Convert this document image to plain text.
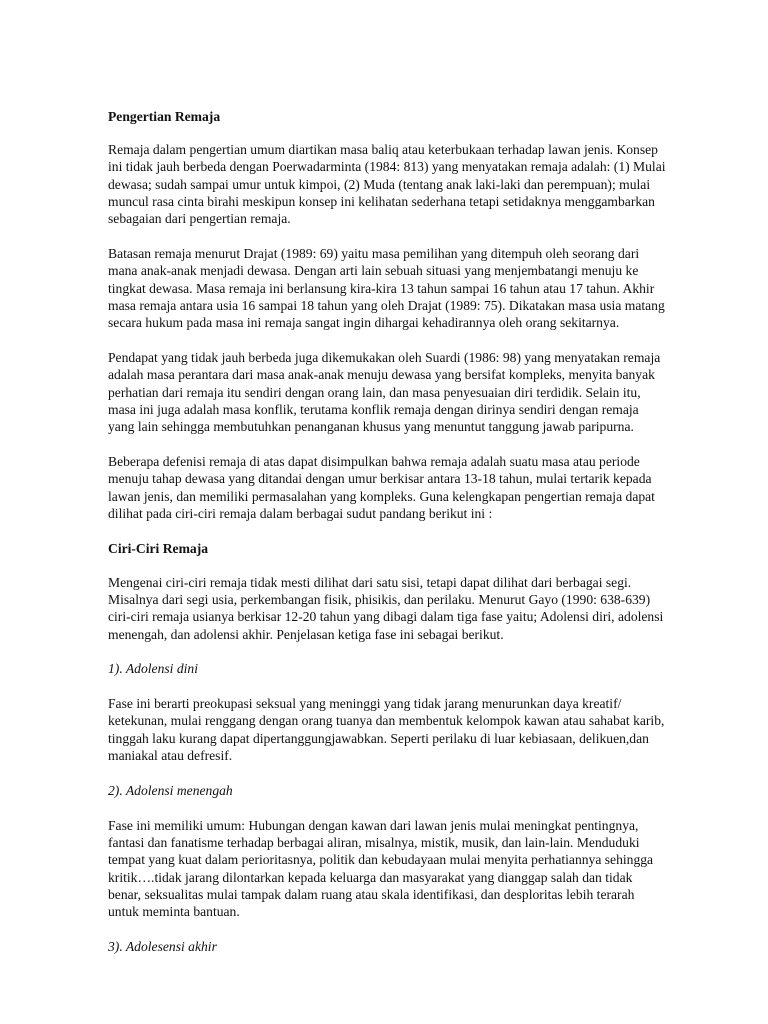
Pengertian Remaja

Remaja dalam pengertian umum diartikan masa baliq atau keterbukaan terhadap lawan jenis. Konsep ini tidak jauh berbeda dengan Poerwadarminta (1984: 813) yang menyatakan remaja adalah: (1) Mulai dewasa; sudah sampai umur untuk kimpoi, (2) Muda (tentang anak laki-laki dan perempuan); mulai muncul rasa cinta birahi meskipun konsep ini kelihatan sederhana tetapi setidaknya menggambarkan sebagaian dari pengertian remaja.

Batasan remaja menurut Drajat (1989: 69) yaitu masa pemilihan yang ditempuh oleh seorang dari mana anak-anak menjadi dewasa. Dengan arti lain sebuah situasi yang menjembatangi menuju ke tingkat dewasa. Masa remaja ini berlansung kira-kira 13 tahun sampai 16 tahun atau 17 tahun. Akhir masa remaja antara usia 16 sampai 18 tahun yang oleh Drajat (1989: 75). Dikatakan masa usia matang secara hukum pada masa ini remaja sangat ingin dihargai kehadirannya oleh orang sekitarnya.

Pendapat yang tidak jauh berbeda juga dikemukakan oleh Suardi (1986: 98) yang menyatakan remaja adalah masa perantara dari masa anak-anak menuju dewasa yang bersifat kompleks, menyita banyak perhatian dari remaja itu sendiri dengan orang lain, dan masa penyesuaian diri terdidik. Selain itu, masa ini juga adalah masa konflik, terutama konflik remaja dengan dirinya sendiri dengan remaja yang lain sehingga membutuhkan penanganan khusus yang menuntut tanggung jawab paripurna.

Beberapa defenisi remaja di atas dapat disimpulkan bahwa remaja adalah suatu masa atau periode menuju tahap dewasa yang ditandai dengan umur berkisar antara 13-18 tahun, mulai tertarik kepada lawan jenis, dan memiliki permasalahan yang kompleks. Guna kelengkapan pengertian remaja dapat dilihat pada ciri-ciri remaja dalam berbagai sudut pandang berikut ini :

Ciri-Ciri Remaja

Mengenai ciri-ciri remaja tidak mesti dilihat dari satu sisi, tetapi dapat dilihat dari berbagai segi. Misalnya dari segi usia, perkembangan fisik, phisikis, dan perilaku. Menurut Gayo (1990: 638-639) ciri-ciri remaja usianya berkisar 12-20 tahun yang dibagi dalam tiga fase yaitu; Adolensi diri, adolensi menengah, dan adolensi akhir. Penjelasan ketiga fase ini sebagai berikut.

1). Adolensi dini

Fase ini berarti preokupasi seksual yang meninggi yang tidak jarang menurunkan daya kreatif/ ketekunan, mulai renggang dengan orang tuanya dan membentuk kelompok kawan atau sahabat karib, tinggah laku kurang dapat dipertanggungjawabkan. Seperti perilaku di luar kebiasaan, delikuen,dan maniakal atau defresif.

2). Adolensi menengah

Fase ini memiliki umum: Hubungan dengan kawan dari lawan jenis mulai meningkat pentingnya, fantasi dan fanatisme terhadap berbagai aliran, misalnya, mistik, musik, dan lain-lain. Menduduki tempat yang kuat dalam perioritasnya, politik dan kebudayaan mulai menyita perhatiannya sehingga kritik….tidak jarang dilontarkan kepada keluarga dan masyarakat yang dianggap salah dan tidak benar, seksualitas mulai tampak dalam ruang atau skala identifikasi, dan desploritas lebih terarah untuk meminta bantuan.

3). Adolesensi akhir
